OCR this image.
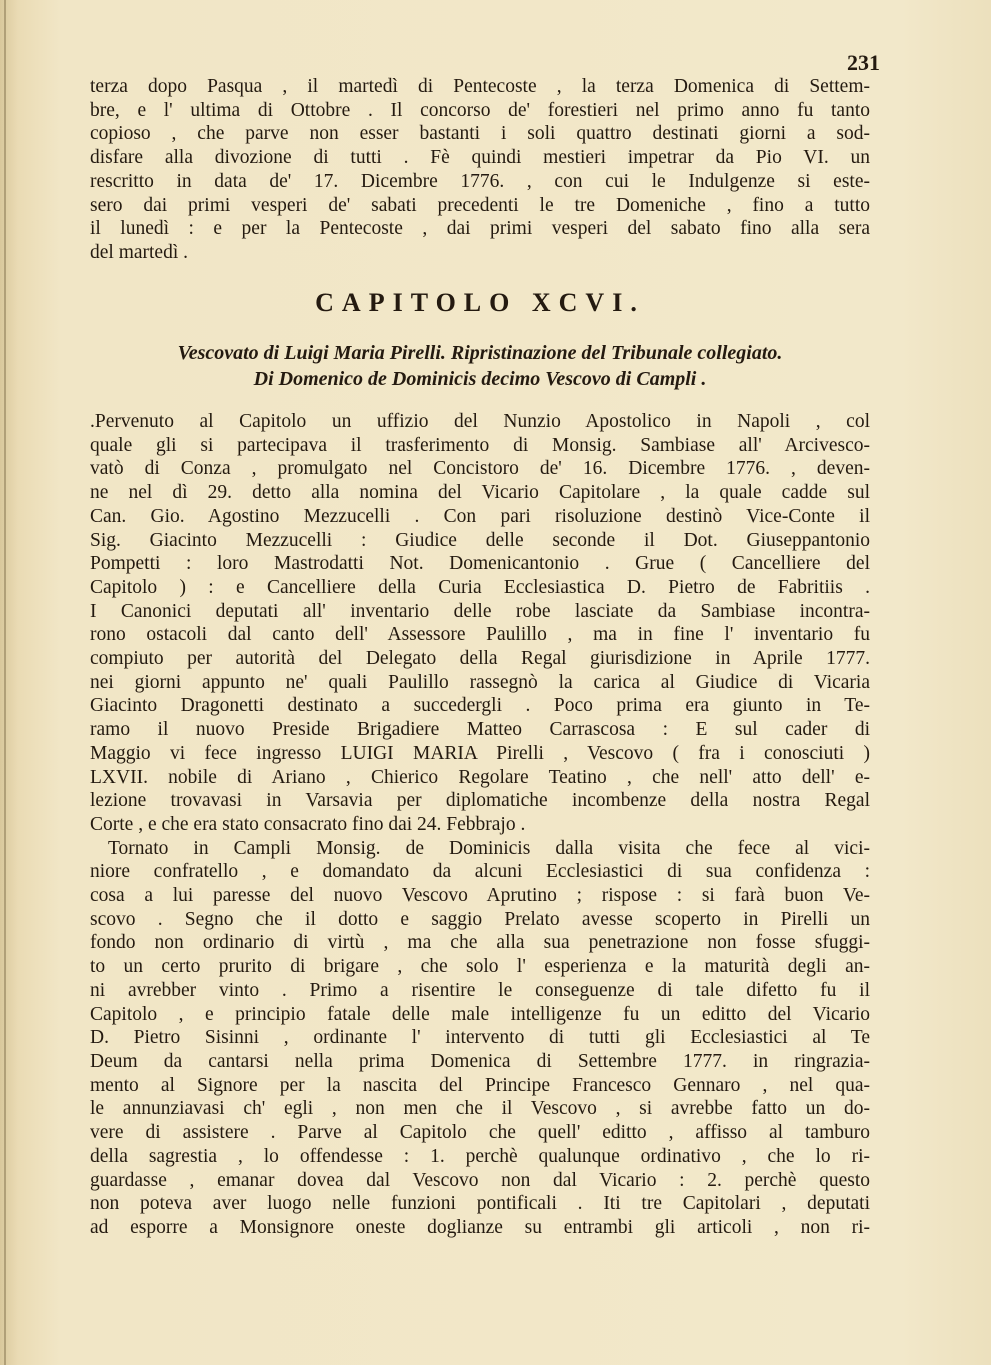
231

terza dopo Pasqua , il martedì di Pentecoste , la terza Domenica di Settem-

bre, e l' ultima di Ottobre . Il concorso de' forestieri nel primo anno fu tanto

copioso , che parve non esser bastanti i soli quattro destinati giorni a sod-

disfare alla divozione di tutti . Fè quindi mestieri impetrar da Pio VI. un

rescritto in data de' 17. Dicembre 1776. , con cui le Indulgenze si este-

sero dai primi vesperi de' sabati precedenti le tre Domeniche , fino a tutto

il lunedì : e per la Pentecoste , dai primi vesperi del sabato fino alla sera

del martedì .

CAPITOLO XCVI.
Vescovato di Luigi Maria Pirelli. Ripristinazione del Tribunale collegiato.
Di Domenico de Dominicis decimo Vescovo di Campli .

.Pervenuto al Capitolo un uffizio del Nunzio Apostolico in Napoli , col

quale gli si partecipava il trasferimento di Monsig. Sambiase all' Arcivesco-

vatò di Conza , promulgato nel Concistoro de' 16. Dicembre 1776. , deven-

ne nel dì 29. detto alla nomina del Vicario Capitolare , la quale cadde sul

Can. Gio. Agostino Mezzucelli . Con pari risoluzione destinò Vice-Conte il

Sig. Giacinto Mezzucelli : Giudice delle seconde il Dot. Giuseppantonio

Pompetti : loro Mastrodatti Not. Domenicantonio . Grue ( Cancelliere del

Capitolo ) : e Cancelliere della Curia Ecclesiastica D. Pietro de Fabritiis .

I Canonici deputati all' inventario delle robe lasciate da Sambiase incontra-

rono ostacoli dal canto dell' Assessore Paulillo , ma in fine l' inventario fu

compiuto per autorità del Delegato della Regal giurisdizione in Aprile 1777.

nei giorni appunto ne' quali Paulillo rassegnò la carica al Giudice di Vicaria

Giacinto Dragonetti destinato a succedergli . Poco prima era giunto in Te-

ramo il nuovo Preside Brigadiere Matteo Carrascosa : E sul cader di

Maggio vi fece ingresso LUIGI MARIA Pirelli , Vescovo ( fra i conosciuti )

LXVII. nobile di Ariano , Chierico Regolare Teatino , che nell' atto dell' e-

lezione trovavasi in Varsavia per diplomatiche incombenze della nostra Regal

Corte , e che era stato consacrato fino dai 24. Febbrajo .

Tornato in Campli Monsig. de Dominicis dalla visita che fece al vici-

niore confratello , e domandato da alcuni Ecclesiastici di sua confidenza :

cosa a lui paresse del nuovo Vescovo Aprutino ; rispose : si farà buon Ve-

scovo . Segno che il dotto e saggio Prelato avesse scoperto in Pirelli un

fondo non ordinario di virtù , ma che alla sua penetrazione non fosse sfuggi-

to un certo prurito di brigare , che solo l' esperienza e la maturità degli an-

ni avrebber vinto . Primo a risentire le conseguenze di tale difetto fu il

Capitolo , e principio fatale delle male intelligenze fu un editto del Vicario

D. Pietro Sisinni , ordinante l' intervento di tutti gli Ecclesiastici al Te

Deum da cantarsi nella prima Domenica di Settembre 1777. in ringrazia-

mento al Signore per la nascita del Principe Francesco Gennaro , nel qua-

le annunziavasi ch' egli , non men che il Vescovo , si avrebbe fatto un do-

vere di assistere . Parve al Capitolo che quell' editto , affisso al tamburo

della sagrestia , lo offendesse : 1. perchè qualunque ordinativo , che lo ri-

guardasse , emanar dovea dal Vescovo non dal Vicario : 2. perchè questo

non poteva aver luogo nelle funzioni pontificali . Iti tre Capitolari , deputati

ad esporre a Monsignore oneste doglianze su entrambi gli articoli , non ri-
